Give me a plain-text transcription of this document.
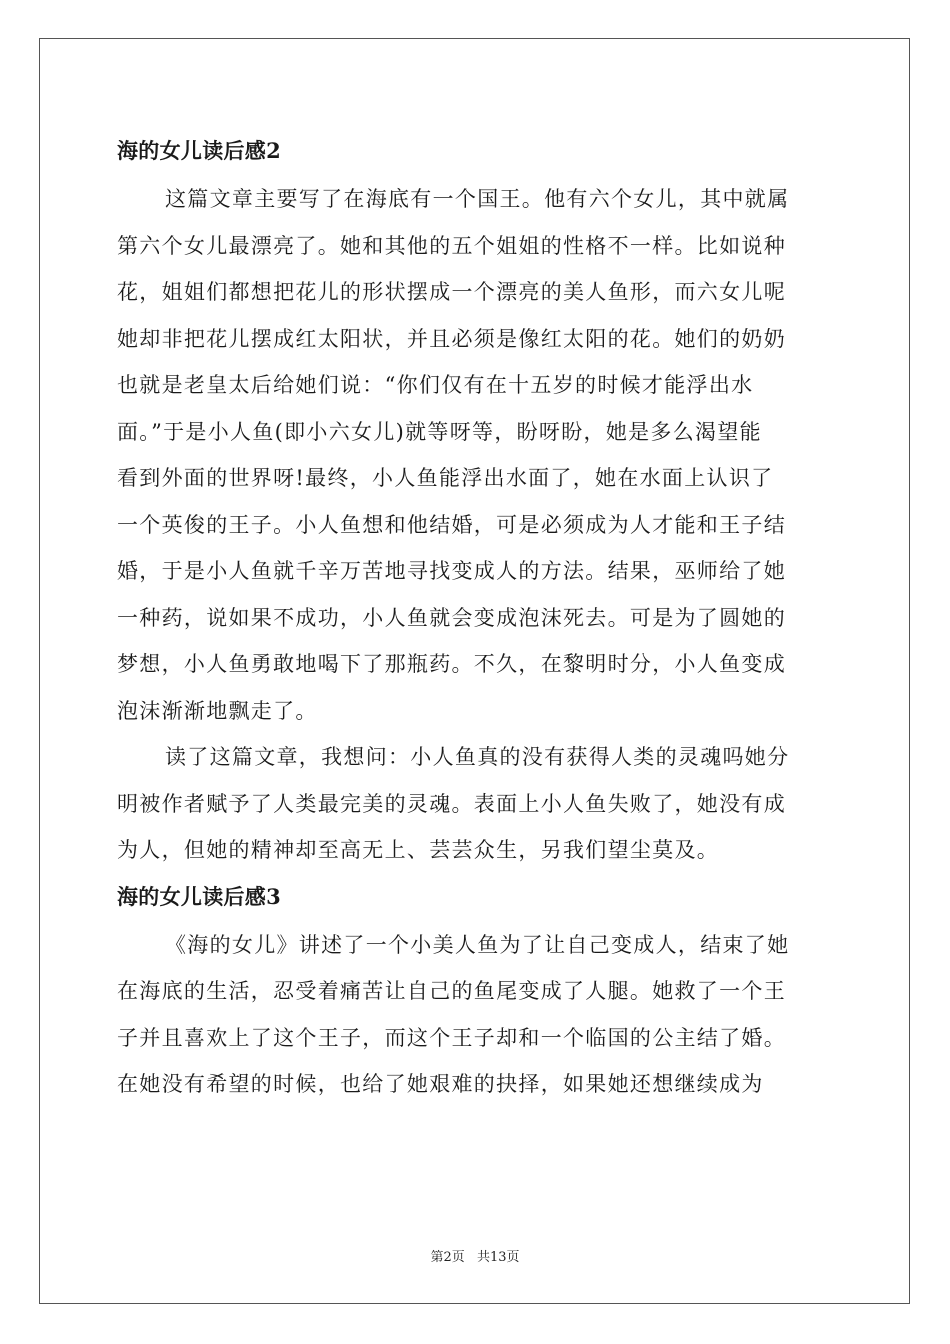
海的女儿读后感2

这篇文章主要写了在海底有一个国王。他有六个女儿，其中就属
第六个女儿最漂亮了。她和其他的五个姐姐的性格不一样。比如说种
花，姐姐们都想把花儿的形状摆成一个漂亮的美人鱼形，而六女儿呢
她却非把花儿摆成红太阳状，并且必须是像红太阳的花。她们的奶奶
也就是老皇太后给她们说：“你们仅有在十五岁的时候才能浮出水
面。”于是小人鱼(即小六女儿)就等呀等，盼呀盼，她是多么渴望能
看到外面的世界呀!最终，小人鱼能浮出水面了，她在水面上认识了
一个英俊的王子。小人鱼想和他结婚，可是必须成为人才能和王子结
婚，于是小人鱼就千辛万苦地寻找变成人的方法。结果，巫师给了她
一种药，说如果不成功，小人鱼就会变成泡沫死去。可是为了圆她的
梦想，小人鱼勇敢地喝下了那瓶药。不久，在黎明时分，小人鱼变成
泡沫渐渐地飘走了。

读了这篇文章，我想问：小人鱼真的没有获得人类的灵魂吗她分
明被作者赋予了人类最完美的灵魂。表面上小人鱼失败了，她没有成
为人，但她的精神却至高无上、芸芸众生，另我们望尘莫及。

海的女儿读后感3

《海的女儿》讲述了一个小美人鱼为了让自己变成人，结束了她
在海底的生活，忍受着痛苦让自己的鱼尾变成了人腿。她救了一个王
子并且喜欢上了这个王子，而这个王子却和一个临国的公主结了婚。
在她没有希望的时候，也给了她艰难的抉择，如果她还想继续成为

第2页 共13页
